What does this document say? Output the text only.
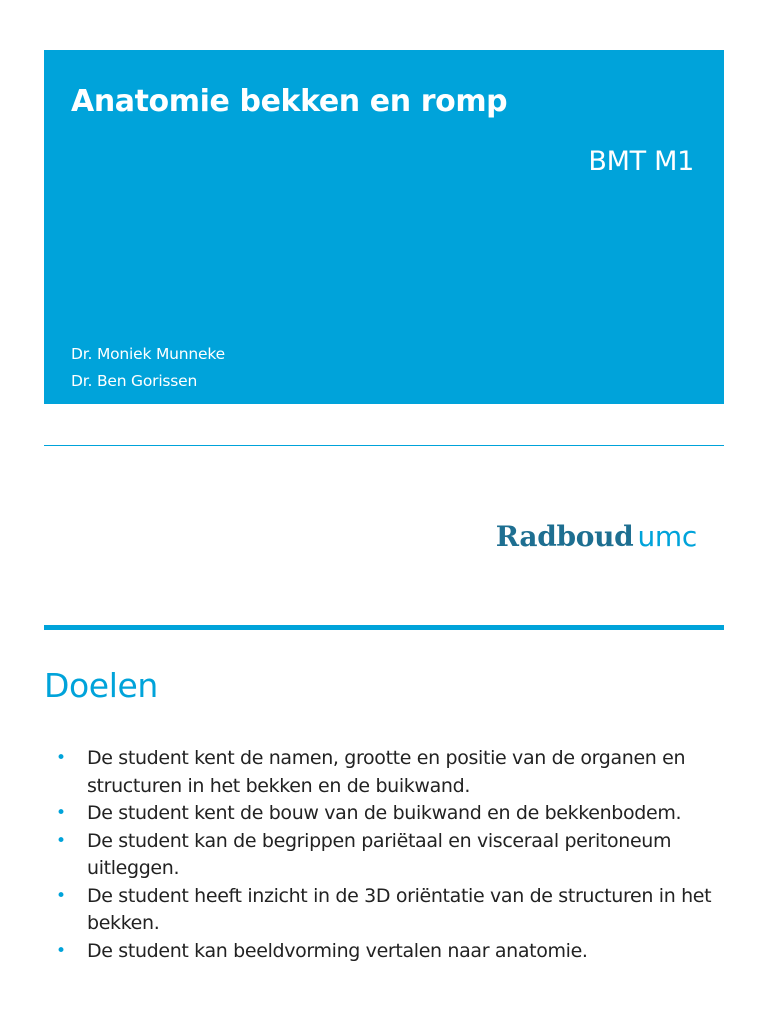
Anatomie bekken en romp
BMT M1
Dr. Moniek Munneke
Dr. Ben Gorissen
Radboud umc
Doelen
• De student kent de namen, grootte en positie van de organen en structuren in het bekken en de buikwand.
• De student kent de bouw van de buikwand en de bekkenbodem.
• De student kan de begrippen pariëtaal en visceraal peritoneum uitleggen.
• De student heeft inzicht in de 3D oriëntatie van de structuren in het bekken.
• De student kan beeldvorming vertalen naar anatomie.
